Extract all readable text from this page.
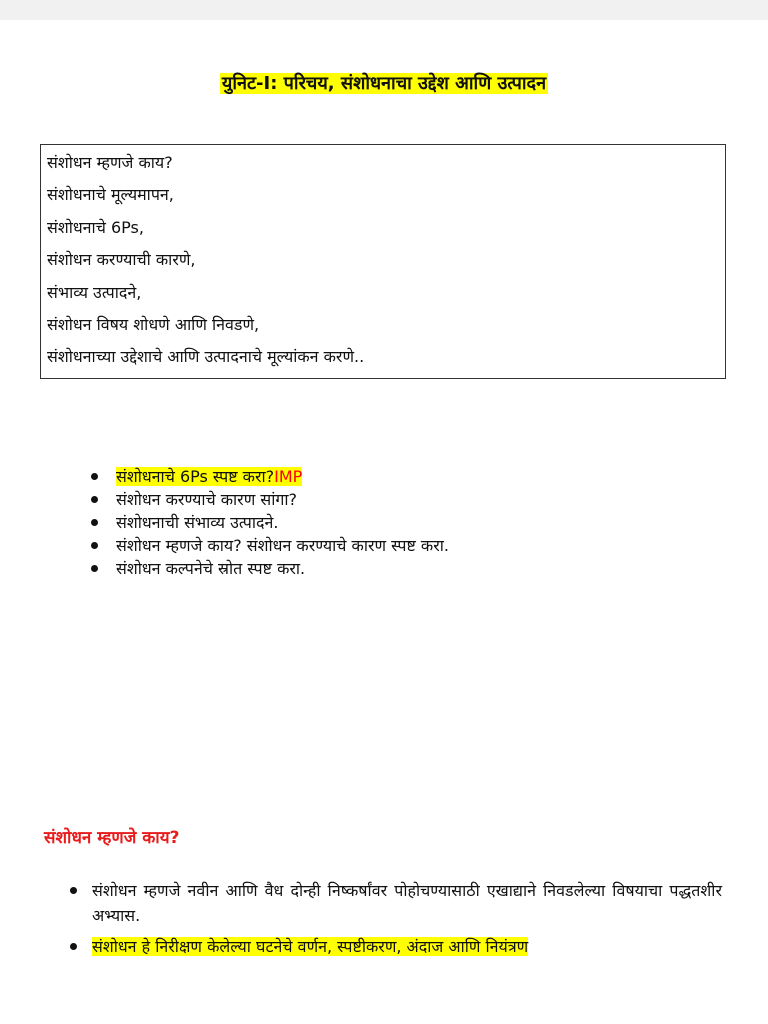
युनिट-I: परिचय, संशोधनाचा उद्देश आणि उत्पादन
संशोधन म्हणजे काय?
संशोधनाचे मूल्यमापन,
संशोधनाचे 6Ps,
संशोधन करण्याची कारणे,
संभाव्य उत्पादने,
संशोधन विषय शोधणे आणि निवडणे,
संशोधनाच्या उद्देशाचे आणि उत्पादनाचे मूल्यांकन करणे..
संशोधनाचे 6Ps स्पष्ट करा?IMP
संशोधन करण्याचे कारण सांगा?
संशोधनाची संभाव्य उत्पादने.
संशोधन म्हणजे काय? संशोधन करण्याचे कारण स्पष्ट करा.
संशोधन कल्पनेचे स्रोत स्पष्ट करा.
संशोधन म्हणजे काय?
संशोधन म्हणजे नवीन आणि वैध दोन्ही निष्कर्षांवर पोहोचण्यासाठी एखाद्याने निवडलेल्या विषयाचा पद्धतशीर अभ्यास.
संशोधन हे निरीक्षण केलेल्या घटनेचे वर्णन, स्पष्टीकरण, अंदाज आणि नियंत्रण
